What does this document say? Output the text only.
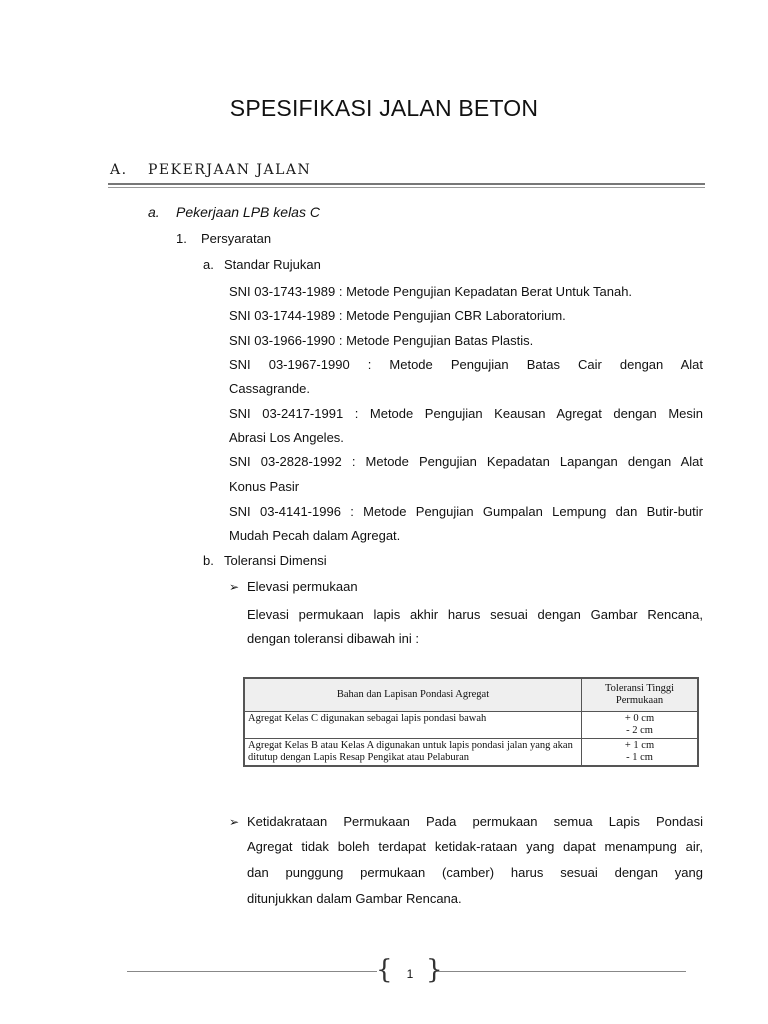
SPESIFIKASI JALAN BETON
A. PEKERJAAN JALAN
a. Pekerjaan LPB kelas C
1. Persyaratan
a. Standar Rujukan
SNI 03-1743-1989 : Metode Pengujian Kepadatan Berat Untuk Tanah.
SNI 03-1744-1989 : Metode Pengujian CBR Laboratorium.
SNI 03-1966-1990 : Metode Pengujian Batas Plastis.
SNI 03-1967-1990 : Metode Pengujian Batas Cair dengan Alat
Cassagrande.
SNI 03-2417-1991 : Metode Pengujian Keausan Agregat dengan Mesin
Abrasi Los Angeles.
SNI 03-2828-1992 : Metode Pengujian Kepadatan Lapangan dengan Alat
Konus Pasir
SNI 03-4141-1996 : Metode Pengujian Gumpalan Lempung dan Butir-butir
Mudah Pecah dalam Agregat.
b. Toleransi Dimensi
➢ Elevasi permukaan
Elevasi permukaan lapis akhir harus sesuai dengan Gambar Rencana,
dengan toleransi dibawah ini :
Bahan dan Lapisan Pondasi Agregat	Toleransi Tinggi
Permukaan

Agregat Kelas C digunakan sebagai lapis pondasi bawah	+ 0 cm
- 2 cm

Agregat Kelas B atau Kelas A digunakan untuk lapis pondasi jalan yang akan ditutup dengan Lapis Resap Pengikat atau Pelaburan	+ 1 cm
- 1 cm
➢ Ketidakrataan Permukaan Pada permukaan semua Lapis Pondasi
Agregat tidak boleh terdapat ketidak-rataan yang dapat menampung air,
dan punggung permukaan (camber) harus sesuai dengan yang
ditunjukkan dalam Gambar Rencana.
{ }
1
